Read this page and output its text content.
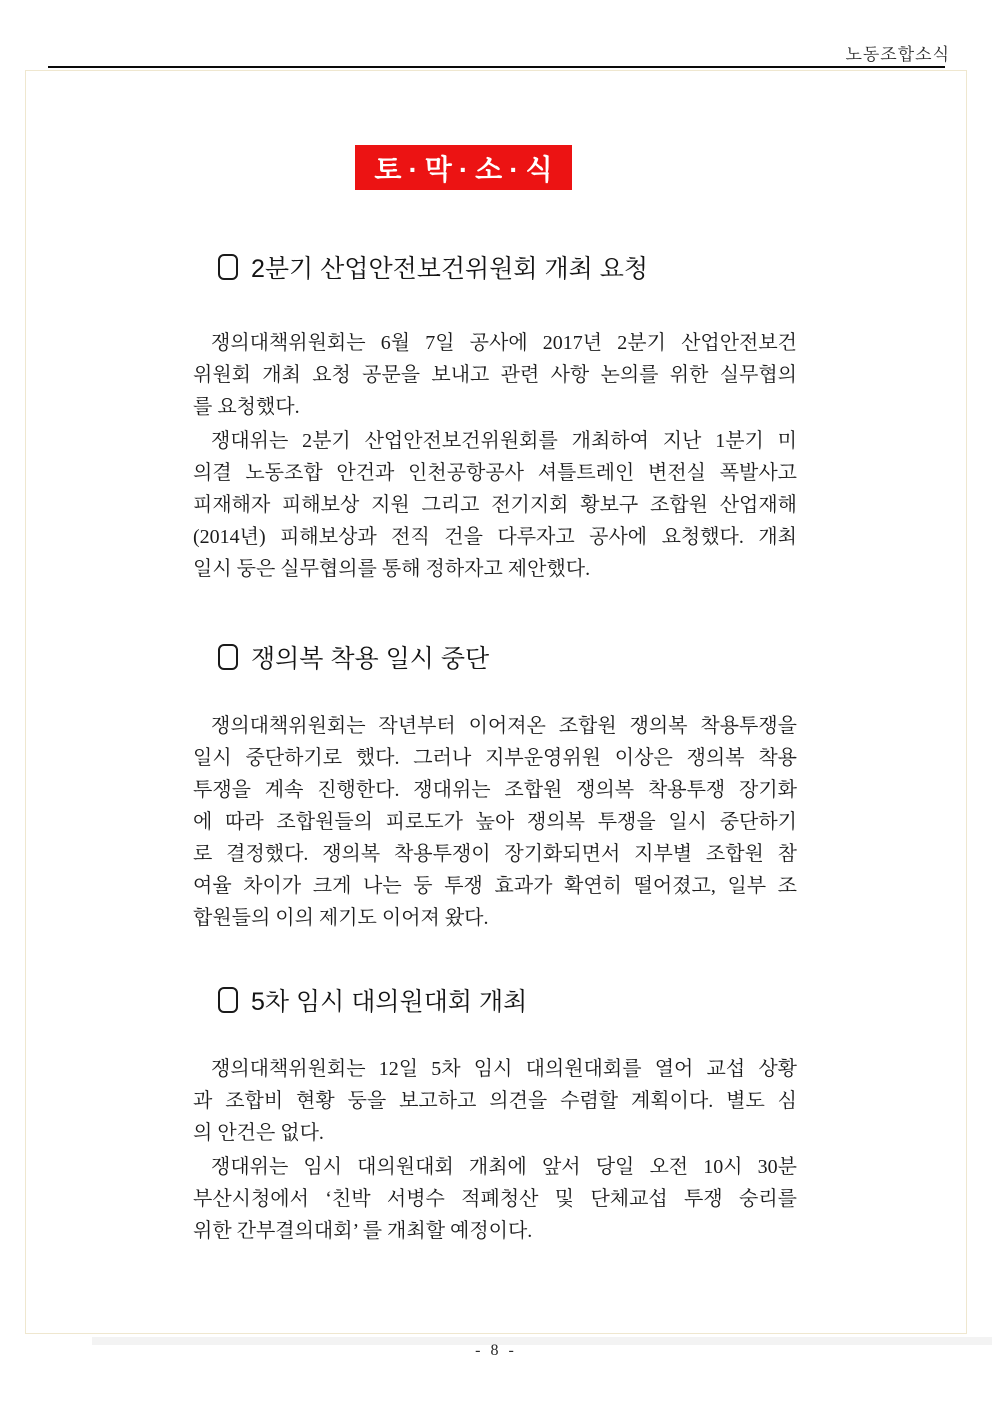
노동조합소식
토·막·소·식
2분기 산업안전보건위원회 개최 요청
쟁의대책위원회는 6월 7일 공사에 2017년 2분기 산업안전보건
위원회 개최 요청 공문을 보내고 관련 사항 논의를 위한 실무협의
를 요청했다.
쟁대위는 2분기 산업안전보건위원회를 개최하여 지난 1분기 미
의결 노동조합 안건과 인천공항공사 셔틀트레인 변전실 폭발사고
피재해자 피해보상 지원 그리고 전기지회 황보구 조합원 산업재해
(2014년) 피해보상과 전직 건을 다루자고 공사에 요청했다. 개최
일시 둥은 실무협의를 통해 정하자고 제안했다.
쟁의복 착용 일시 중단
쟁의대책위원회는 작년부터 이어져온 조합원 쟁의복 착용투쟁을
일시 중단하기로 했다. 그러나 지부운영위원 이상은 쟁의복 착용
투쟁을 계속 진행한다. 쟁대위는 조합원 쟁의복 착용투쟁 장기화
에 따라 조합원들의 피로도가 높아 쟁의복 투쟁을 일시 중단하기
로 결정했다. 쟁의복 착용투쟁이 장기화되면서 지부별 조합원 참
여율 차이가 크게 나는 둥 투쟁 효과가 확연히 떨어졌고, 일부 조
합원들의 이의 제기도 이어져 왔다.
5차 임시 대의원대회 개최
쟁의대책위원회는 12일 5차 임시 대의원대회를 열어 교섭 상황
과 조합비 현황 둥을 보고하고 의견을 수렴할 계획이다. 별도 심
의 안건은 없다.
쟁대위는 임시 대의원대회 개최에 앞서 당일 오전 10시 30분
부산시청에서 ‘친박 서병수 적폐청산 및 단체교섭 투쟁 숭리를
위한 간부결의대회’ 를 개최할 예정이다.
- 8 -
